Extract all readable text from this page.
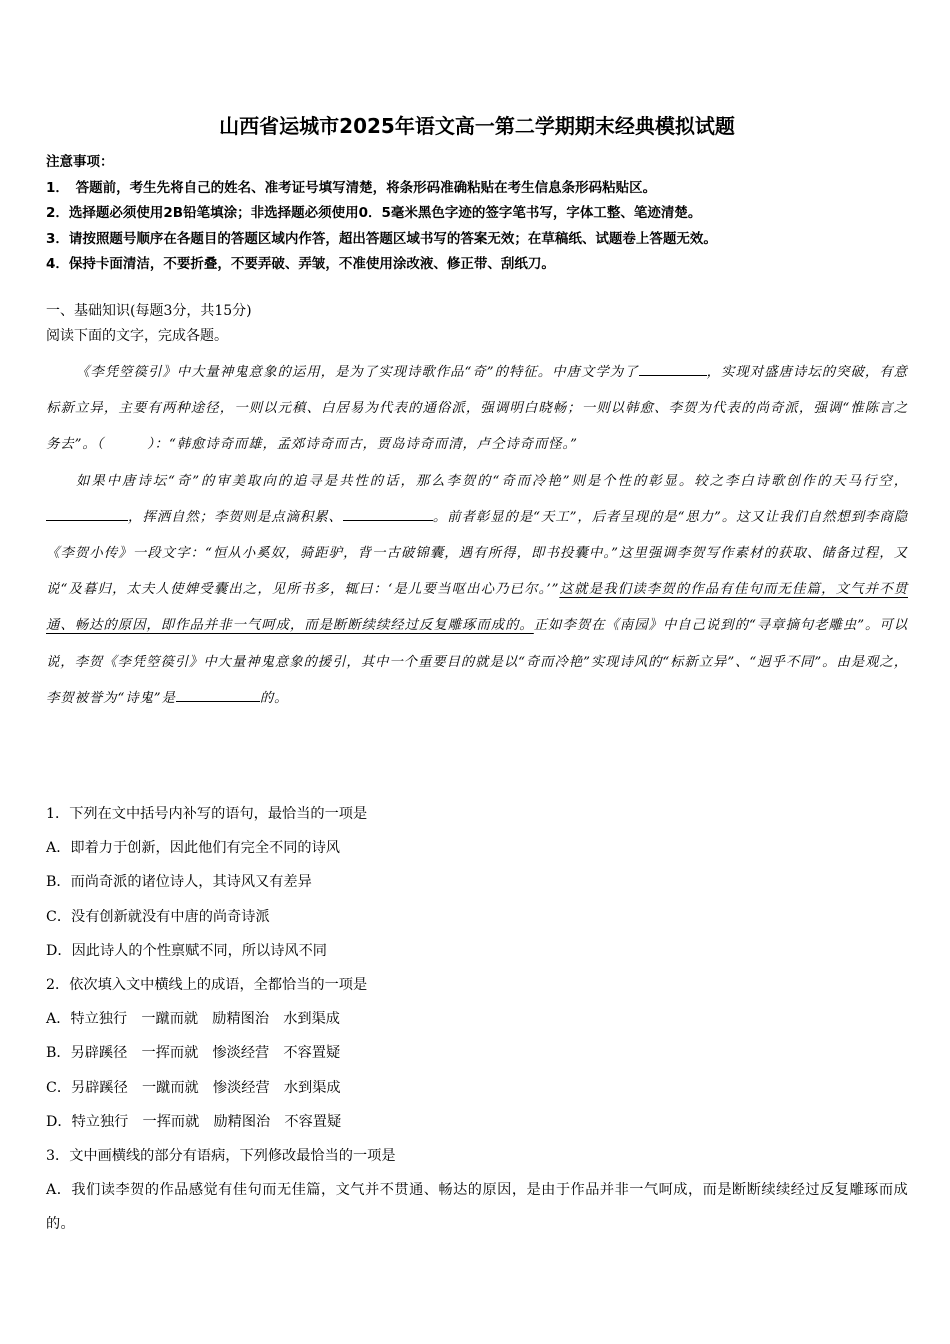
山西省运城市2025年语文高一第二学期期末经典模拟试题
注意事项：
1．　答题前，考生先将自己的姓名、准考证号填写清楚，将条形码准确粘贴在考生信息条形码粘贴区。
2．选择题必须使用2B铅笔填涂；非选择题必须使用0．5毫米黑色字迹的签字笔书写，字体工整、笔迹清楚。
3．请按照题号顺序在各题目的答题区域内作答，超出答题区域书写的答案无效；在草稿纸、试题卷上答题无效。
4．保持卡面清洁，不要折叠，不要弄破、弄皱，不准使用涂改液、修正带、刮纸刀。
一、基础知识(每题3分，共15分)
阅读下面的文字，完成各题。

《李凭箜篌引》中大量神鬼意象的运用，是为了实现诗歌作品“奇”的特征。中唐文学为了	，实现对盛唐诗坛的突破，有意标新立异，主要有两种途径，一则以元稹、白居易为代表的通俗派，强调明白晓畅；一则以韩愈、李贺为代表的尚奇派，强调“惟陈言之务去”。（　　　）：“韩愈诗奇而雄，孟郊诗奇而古，贾岛诗奇而清，卢仝诗奇而怪。”

如果中唐诗坛“奇”的审美取向的追寻是共性的话，那么李贺的“奇而冷艳”则是个性的彰显。较之李白诗歌创作的天马行空，，挥洒自然；李贺则是点滴积累、	。前者彰显的是“天工”，后者呈现的是“思力”。这又让我们自然想到李商隐《李贺小传》一段文字：“恒从小奚奴，骑距驴，背一古破锦囊，遇有所得，即书投囊中。”这里强调李贺写作素材的获取、储备过程，又说“及暮归，太夫人使婢受囊出之，见所书多，辄曰：‘是儿要当呕出心乃已尔。’”这就是我们读李贺的作品有佳句而无佳篇，文气并不贯通、畅达的原因，即作品并非一气呵成，而是断断续续经过反复雕琢而成的。正如李贺在《南园》中自己说到的“寻章摘句老雕虫”。可以说，李贺《李凭箜篌引》中大量神鬼意象的援引，其中一个重要目的就是以“奇而冷艳”实现诗风的“标新立异”、“迥乎不同”。由是观之，李贺被誉为“诗鬼”是	的。

1．下列在文中括号内补写的语句，最恰当的一项是
A．即着力于创新，因此他们有完全不同的诗风
B．而尚奇派的诸位诗人，其诗风又有差异
C．没有创新就没有中唐的尚奇诗派
D．因此诗人的个性禀赋不同，所以诗风不同
2．依次填入文中横线上的成语，全都恰当的一项是
A．特立独行　一蹴而就　励精图治　水到渠成
B．另辟蹊径　一挥而就　惨淡经营　不容置疑
C．另辟蹊径　一蹴而就　惨淡经营　水到渠成
D．特立独行　一挥而就　励精图治　不容置疑
3．文中画横线的部分有语病，下列修改最恰当的一项是
A．我们读李贺的作品感觉有佳句而无佳篇，文气并不贯通、畅达的原因，是由于作品并非一气呵成，而是断断续续经过反复雕琢而成的。
